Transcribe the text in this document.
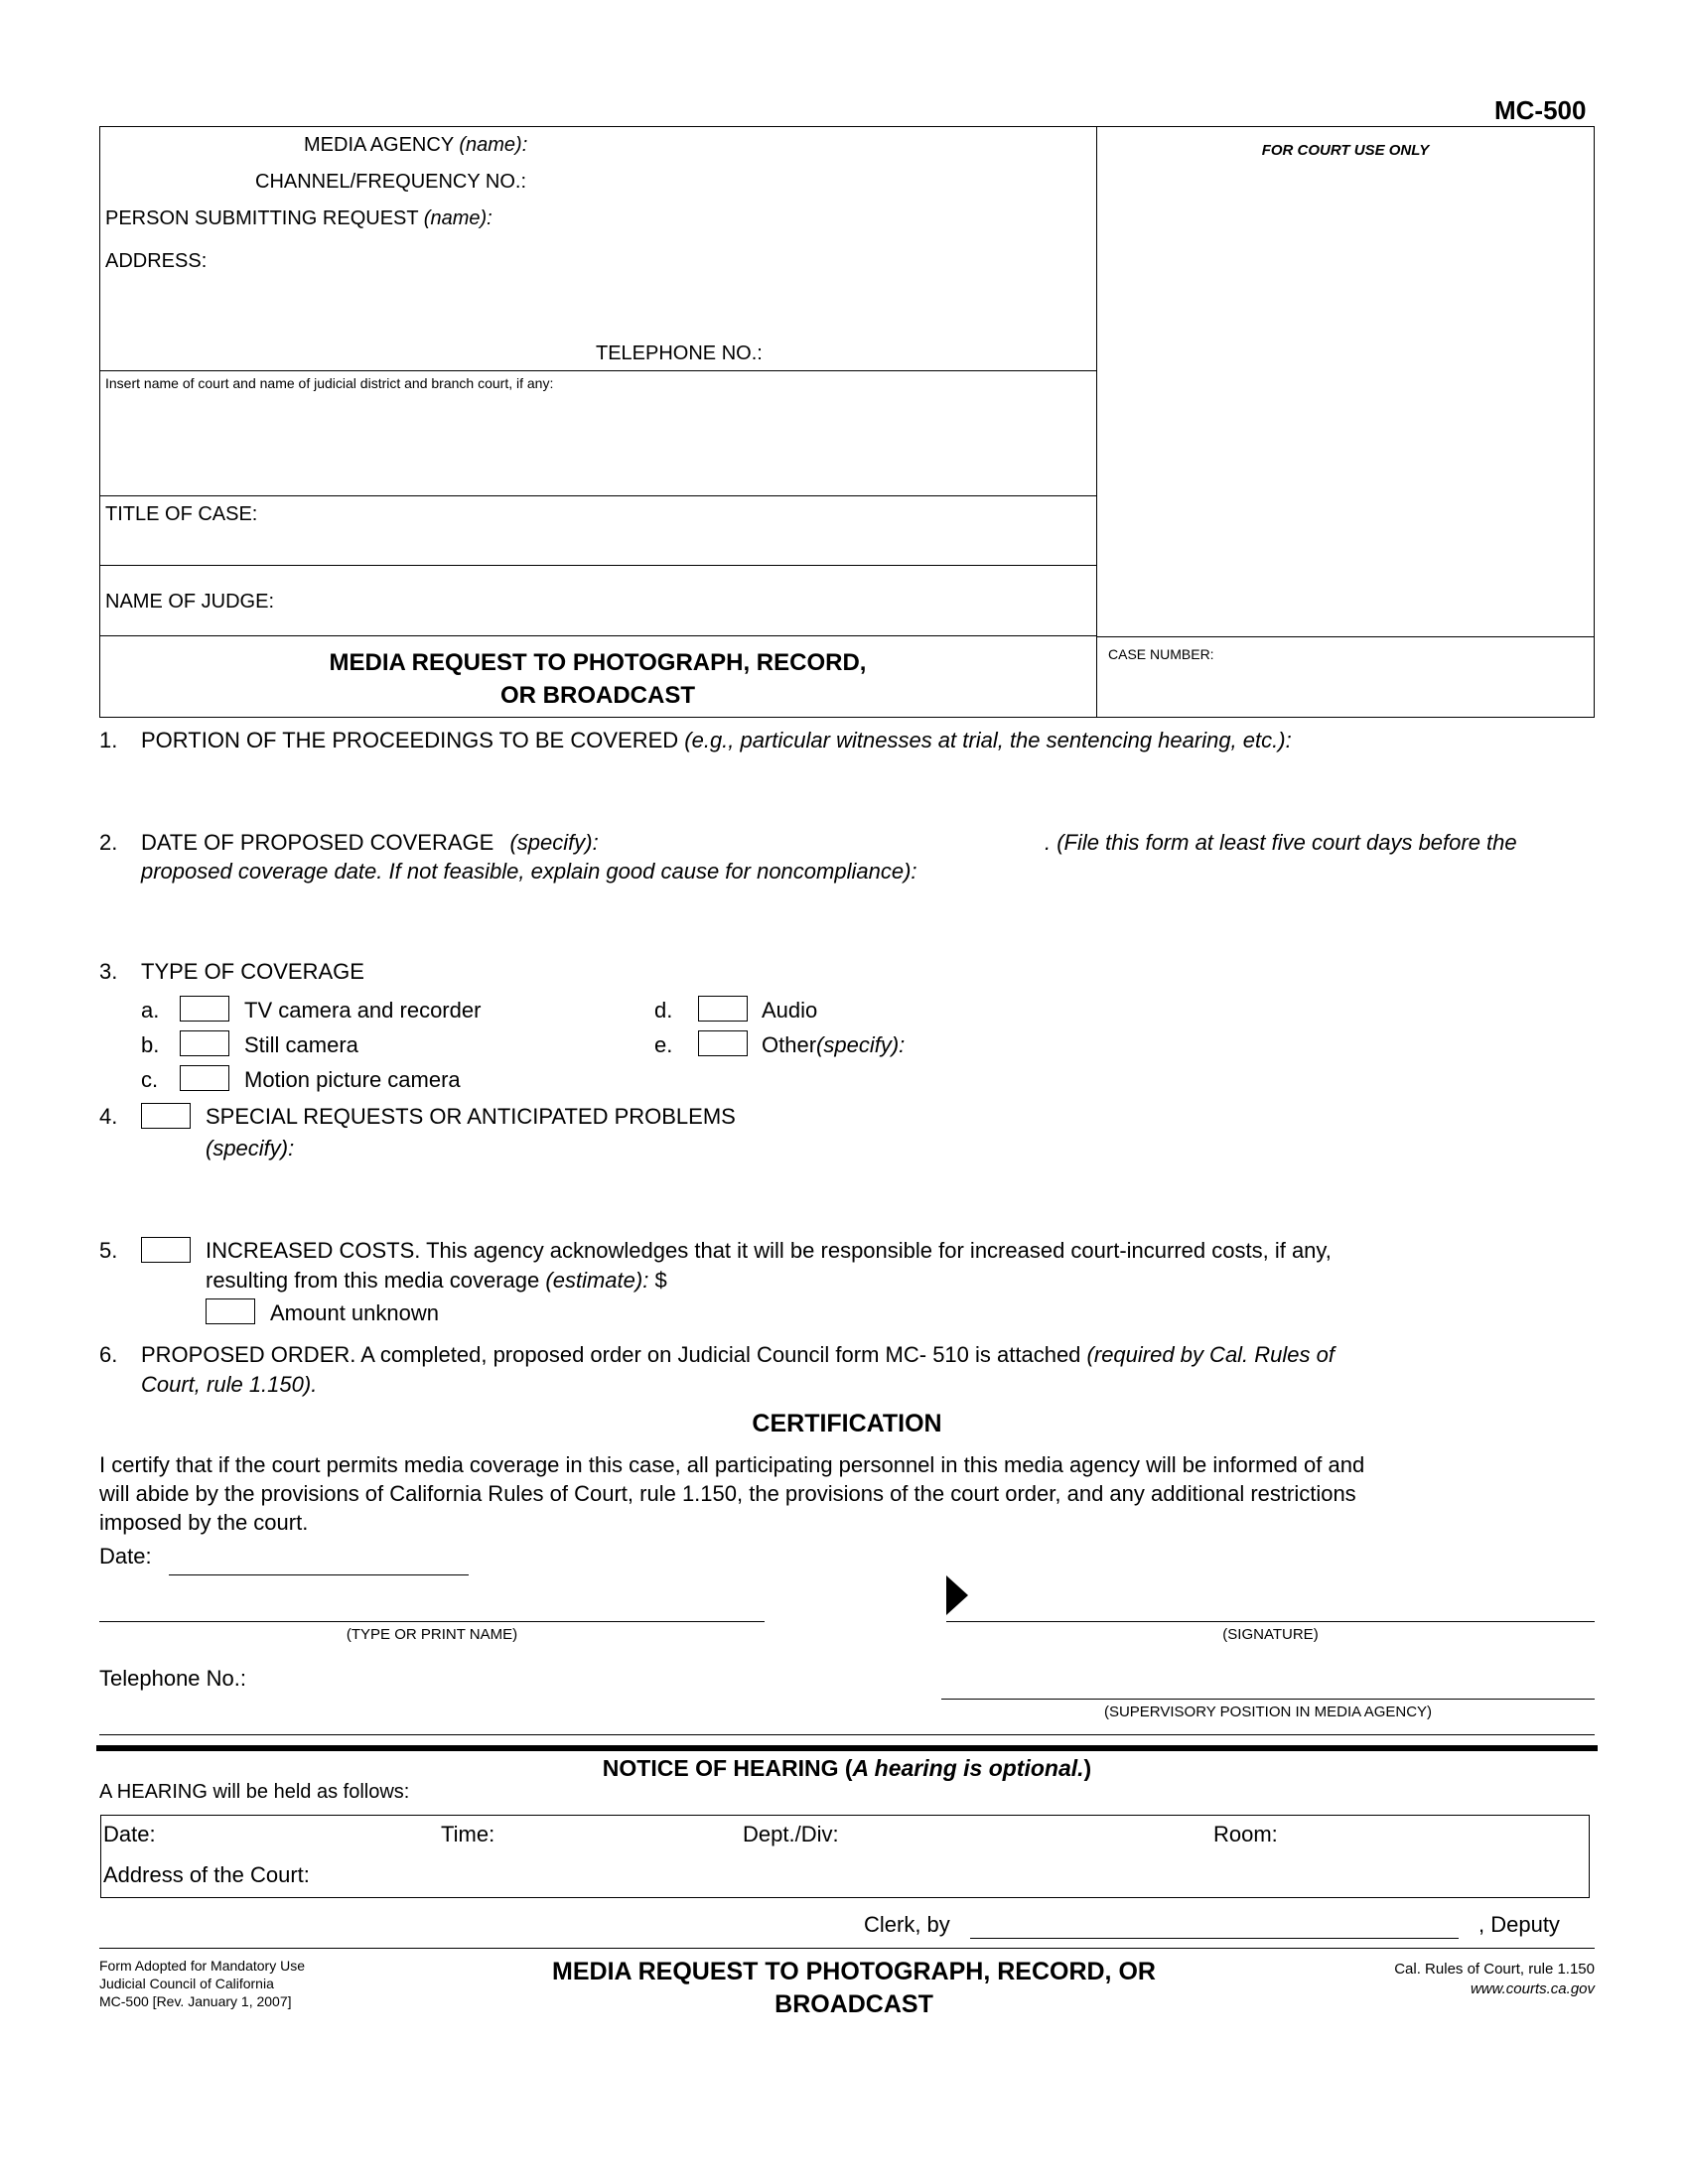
MC-500
MEDIA AGENCY (name):
CHANNEL/FREQUENCY NO.:
PERSON SUBMITTING REQUEST (name):
ADDRESS:
TELEPHONE NO.:
Insert name of court and name of judicial district and branch court, if any:
TITLE OF CASE:
NAME OF JUDGE:
MEDIA REQUEST TO PHOTOGRAPH, RECORD,
OR BROADCAST
FOR COURT USE ONLY
CASE NUMBER:
1. PORTION OF THE PROCEEDINGS TO BE COVERED (e.g., particular witnesses at trial, the sentencing hearing, etc.):
2. DATE OF PROPOSED COVERAGE (specify):	. (File this form at least five court days before the
proposed coverage date. If not feasible, explain good cause for noncompliance):
3. TYPE OF COVERAGE
a.	TV camera and recorder
b.	Still camera
c.	Motion picture camera
d.	Audio
e.	Other(specify):
4.	SPECIAL REQUESTS OR ANTICIPATED PROBLEMS
(specify):
5.	INCREASED COSTS. This agency acknowledges that it will be responsible for increased court-incurred costs, if any,
resulting from this media coverage (estimate): $
Amount unknown
6. PROPOSED ORDER. A completed, proposed order on Judicial Council form MC- 510 is attached (required by Cal. Rules of
Court, rule 1.150).
CERTIFICATION
I certify that if the court permits media coverage in this case, all participating personnel in this media agency will be informed of and
will abide by the provisions of California Rules of Court, rule 1.150, the provisions of the court order, and any additional restrictions
imposed by the court.
Date:
(TYPE OR PRINT NAME)	(SIGNATURE)
Telephone No.:
(SUPERVISORY POSITION IN MEDIA AGENCY)
NOTICE OF HEARING (A hearing is optional.)
A HEARING will be held as follows:
Date:	Time:	Dept./Div:	Room:
Address of the Court:
Clerk, by	, Deputy
Form Adopted for Mandatory Use
Judicial Council of California
MC-500 [Rev. January 1, 2007]
MEDIA REQUEST TO PHOTOGRAPH, RECORD, OR
BROADCAST
Cal. Rules of Court, rule 1.150
www.courts.ca.gov
